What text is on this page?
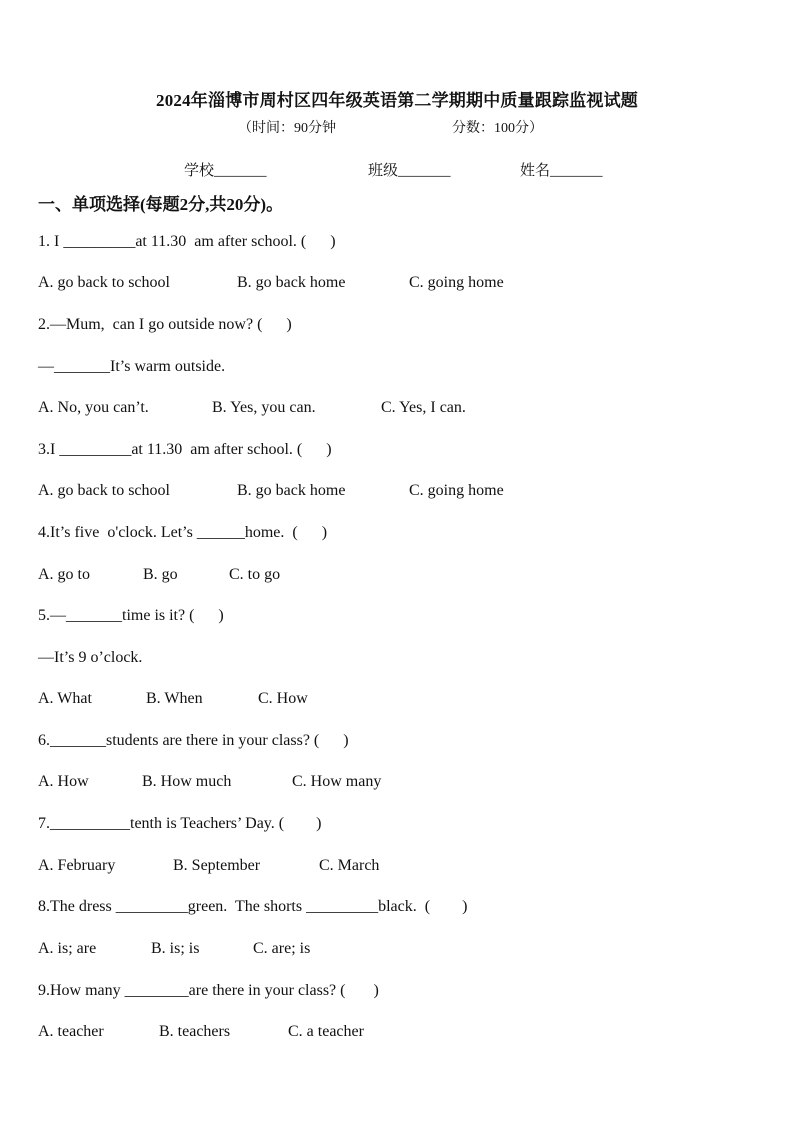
2024年淄博市周村区四年级英语第二学期期中质量跟踪监视试题
（时间：90分钟	分数：100分）
学校_______	班级_______	姓名_______
一、单项选择(每题2分,共20分)。
1. I _________at 11.30  am after school. (      )
A. go back to school	B. go back home	C. going home
2.—Mum,  can I go outside now? (      )
—_______It’s warm outside.
A. No, you can’t.	B. Yes, you can.	C. Yes, I can.
3.I _________at 11.30  am after school. (      )
A. go back to school	B. go back home	C. going home
4.It’s five  o'clock. Let’s ______home.  (      )
A. go to	B. go	C. to go
5.—_______time is it? (      )
—It’s 9 o’clock.
A. What	B. When	C. How
6._______students are there in your class? (      )
A. How	B. How much	C. How many
7.__________tenth is Teachers’ Day. (        )
A. February	B. September	C. March
8.The dress _________green.  The shorts _________black.  (        )
A. is; are	B. is; is	C. are; is
9.How many ________are there in your class? (       )
A. teacher	B. teachers	C. a teacher
